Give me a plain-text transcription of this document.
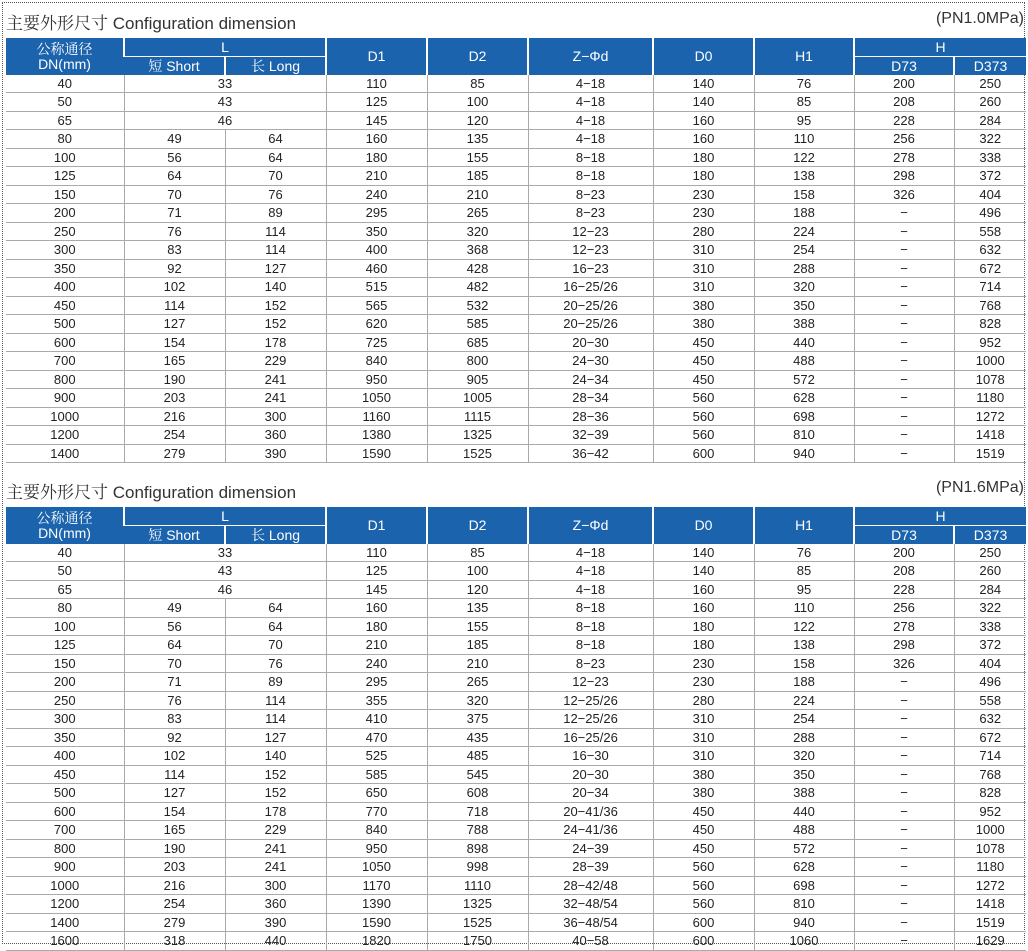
主要外形尺寸 Configuration dimension	(PN1.0MPa)
公称通径
DN(mm)	L		D1	D2	Z−Φd	D0	H1	H	
	短 Short	长 Long						D73	D373
40	33		110	85	4−18	140	76	200	250
50	43		125	100	4−18	140	85	208	260
65	46		145	120	4−18	160	95	228	284
80	49	64	160	135	4−18	160	110	256	322
100	56	64	180	155	8−18	180	122	278	338
125	64	70	210	185	8−18	180	138	298	372
150	70	76	240	210	8−23	230	158	326	404
200	71	89	295	265	8−23	230	188	−	496
250	76	114	350	320	12−23	280	224	−	558
300	83	114	400	368	12−23	310	254	−	632
350	92	127	460	428	16−23	310	288	−	672
400	102	140	515	482	16−25/26	310	320	−	714
450	114	152	565	532	20−25/26	380	350	−	768
500	127	152	620	585	20−25/26	380	388	−	828
600	154	178	725	685	20−30	450	440	−	952
700	165	229	840	800	24−30	450	488	−	1000
800	190	241	950	905	24−34	450	572	−	1078
900	203	241	1050	1005	28−34	560	628	−	1180
1000	216	300	1160	1115	28−36	560	698	−	1272
1200	254	360	1380	1325	32−39	560	810	−	1418
1400	279	390	1590	1525	36−42	600	940	−	1519
主要外形尺寸 Configuration dimension	(PN1.6MPa)
公称通径
DN(mm)	L		D1	D2	Z−Φd	D0	H1	H	
	短 Short	长 Long						D73	D373
40	33		110	85	4−18	140	76	200	250
50	43		125	100	4−18	140	85	208	260
65	46		145	120	4−18	160	95	228	284
80	49	64	160	135	8−18	160	110	256	322
100	56	64	180	155	8−18	180	122	278	338
125	64	70	210	185	8−18	180	138	298	372
150	70	76	240	210	8−23	230	158	326	404
200	71	89	295	265	12−23	230	188	−	496
250	76	114	355	320	12−25/26	280	224	−	558
300	83	114	410	375	12−25/26	310	254	−	632
350	92	127	470	435	16−25/26	310	288	−	672
400	102	140	525	485	16−30	310	320	−	714
450	114	152	585	545	20−30	380	350	−	768
500	127	152	650	608	20−34	380	388	−	828
600	154	178	770	718	20−41/36	450	440	−	952
700	165	229	840	788	24−41/36	450	488	−	1000
800	190	241	950	898	24−39	450	572	−	1078
900	203	241	1050	998	28−39	560	628	−	1180
1000	216	300	1170	1110	28−42/48	560	698	−	1272
1200	254	360	1390	1325	32−48/54	560	810	−	1418
1400	279	390	1590	1525	36−48/54	600	940	−	1519
1600	318	440	1820	1750	40−58	600	1060	−	1629
